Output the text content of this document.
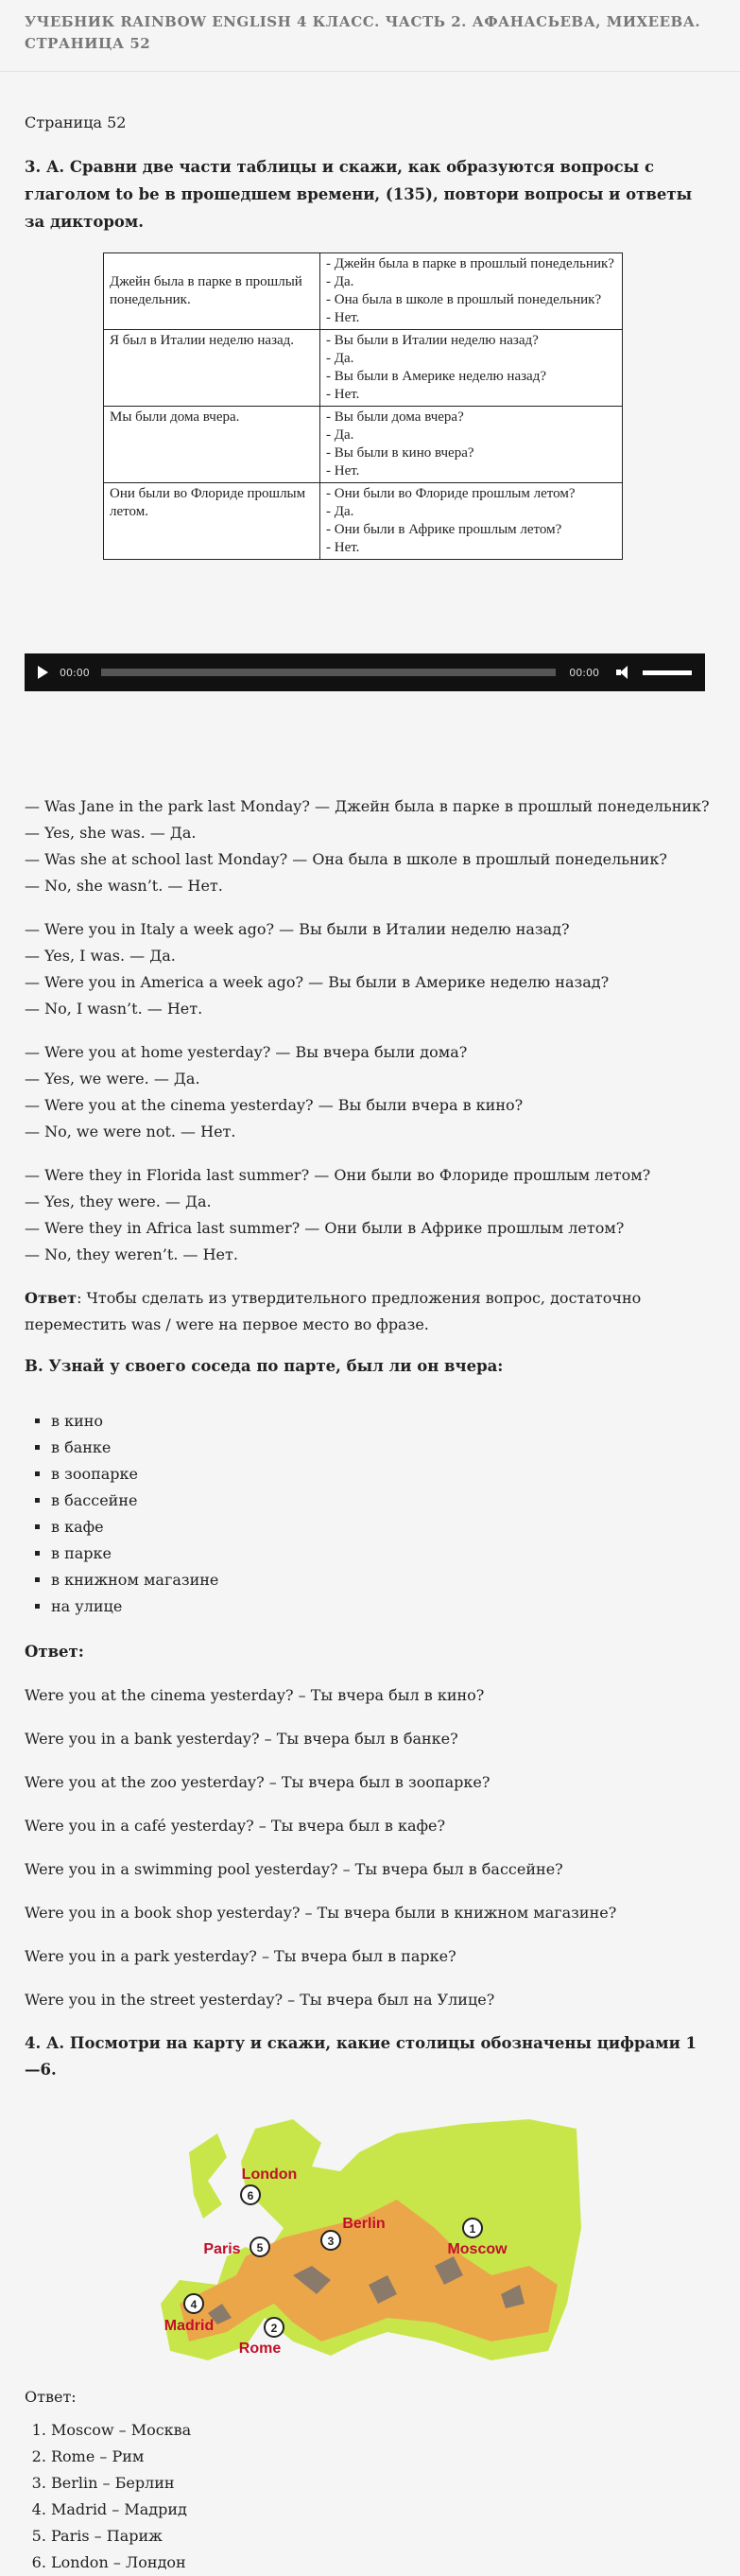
УЧЕБНИК RAINBOW ENGLISH 4 КЛАСС. ЧАСТЬ 2. АФАНАСЬЕВА, МИХЕЕВА. СТРАНИЦА 52

Страница 52

3. А. Сравни две части таблицы и скажи, как образуются вопросы с глаголом to be в прошедшем времени, (135), повтори вопросы и ответы за диктором.

Джейн была в парке в прошлый понедельник.	- Джейн была в парке в прошлый понедельник?
- Да.
- Она была в школе в прошлый понедельник?
- Нет.

Я был в Италии неделю назад.	- Вы были в Италии неделю назад?
- Да.
- Вы были в Америке неделю назад?
- Нет.

Мы были дома вчера.	- Вы были дома вчера?
- Да.
- Вы были в кино вчера?
- Нет.

Они были во Флориде прошлым летом.	- Они были во Флориде прошлым летом?
- Да.
- Они были в Африке прошлым летом?
- Нет.
00:00	00:00
— Was Jane in the park last Monday? — Джейн была в парке в прошлый понедельник?
— Yes, she was. — Да.
— Was she at school last Monday? — Она была в школе в прошлый понедельник?
— No, she wasn’t. — Нет.
— Were you in Italy a week ago? — Вы были в Италии неделю назад?
— Yes, I was. — Да.
— Were you in America a week ago? — Вы были в Америке неделю назад?
— No, I wasn’t. — Нет.
— Were you at home yesterday? — Вы вчера были дома?
— Yes, we were. — Да.
— Were you at the cinema yesterday? — Вы были вчера в кино?
— No, we were not. — Нет.
— Were they in Florida last summer? — Они были во Флориде прошлым летом?
— Yes, they were. — Да.
— Were they in Africa last summer? — Они были в Африке прошлым летом?
— No, they weren’t. — Нет.

Ответ: Чтобы сделать из утвердительного предложения вопрос, достаточно переместить was / were на первое место во фразе.

B. Узнай у своего соседа по парте, был ли он вчера:

▪ в кино
▪ в банке
▪ в зоопарке
▪ в бассейне
▪ в кафе
▪ в парке
▪ в книжном магазине
▪ на улице

Ответ:

Were you at the cinema yesterday? – Ты вчера был в кино?

Were you in a bank yesterday? – Ты вчера был в банке?

Were you at the zoo yesterday? – Ты вчера был в зоопарке?

Were you in a café yesterday? – Ты вчера был в кафе?

Were you in a swimming pool yesterday? – Ты вчера был в бассейне?

Were you in a book shop yesterday? – Ты вчера были в книжном магазине?

Were you in a park yesterday? – Ты вчера был в парке?

Were you in the street yesterday? – Ты вчера был на Улице?

4. А. Посмотри на карту и скажи, какие столицы обозначены цифрами 1—6.

1
Moscow
2
Rome
3
Berlin
4
Madrid
5
Paris
6
London

Ответ:

1. Moscow – Москва
2. Rome – Рим
3. Berlin – Берлин
4. Madrid – Мадрид
5. Paris – Париж
6. London – Лондон
